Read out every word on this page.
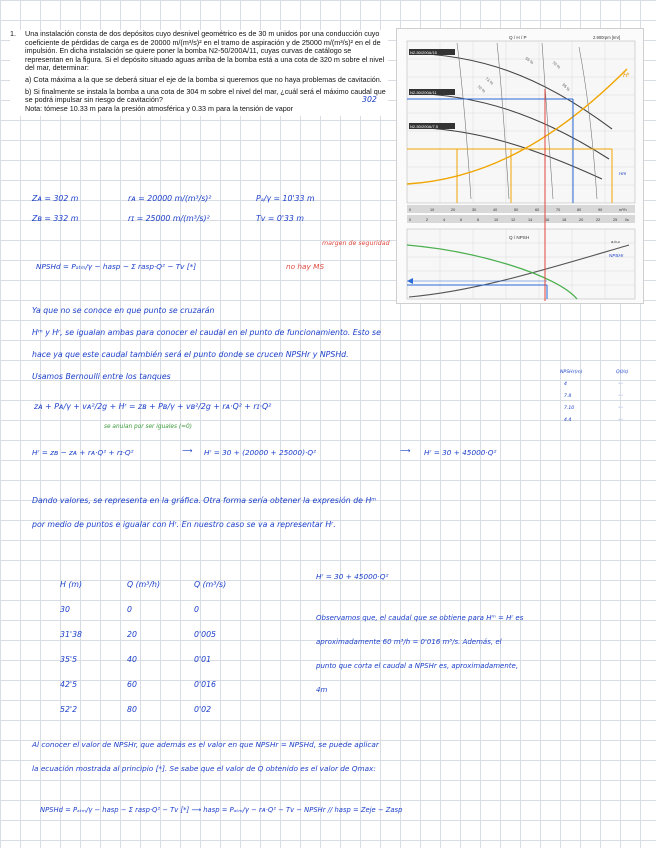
1.	Una instalación consta de dos depósitos cuyo desnivel geométrico es de 30 m unidos por una conducción cuyo coeficiente de pérdidas de carga es de 20000 m/(m³/s)² en el tramo de aspiración y de 25000 m/(m³/s)² en el de impulsión. En dicha instalación se quiere poner la bomba N2-50/200A/11, cuyas curvas de catálogo se representan en la figura. Si el depósito situado aguas arriba de la bomba está a una cota de 320 m sobre el nivel del mar, determinar:

a) Cota máxima a la que se deberá situar el eje de la bomba si queremos que no haya problemas de cavitación.

b) Si finalmente se instala la bomba a una cota de 304 m sobre el nivel del mar, ¿cuál será el máximo caudal que se podrá impulsar sin riesgo de cavitación?

Nota: tómese 10.33 m para la presión atmosférica y 0.33 m para la tensión de vapor

302
Q / H / P	2.900rpm [Imr]
55 %	70 %
73 %
70 %	55 %
Hʳ
Hm
N2-50/200A/15
N2-50/200A/11
N2-50/200A/7,5
0	10	20	30	40	50	60	70	80	90	m³/h
0	2	4	6	8	10	12	14	16	18	20	22	25 l/s
Q / NPSH
a-b-c
NPSHr
Zᴀ = 302 m
Zʙ = 332 m
rᴀ = 20000 m/(m³/s)²
rɪ = 25000 m/(m³/s)²
Pₐ/γ = 10'33 m
Tv = 0'33 m
NPSHd = Pₐₜₘ/γ − hasp − Σ rasp·Q² − Tv [*]
margen de seguridad
no hay MS
Ya que no se conoce en que punto se cruzarán
Hᵐ y Hʳ, se igualan ambas para conocer el caudal en el punto de funcionamiento. Esto se
hace ya que este caudal también será el punto donde se crucen NPSHr y NPSHd.
Usamos Bernoulli entre los tanques
zᴀ + Pᴀ/γ + vᴀ²/2g + Hʳ = zʙ + Pʙ/γ + vʙ²/2g + rᴀ·Q² + rɪ·Q²
se anulan por ser iguales (=0)
NPSHr(m)	Q(l/s)
4	◦◦
7.8	◦◦
7.10	◦◦
4.4	◦◦
Hʳ = zʙ − zᴀ + rᴀ·Q² + rɪ·Q²	⟶ Hʳ = 30 + (20000 + 25000)·Q²	⟶ Hʳ = 30 + 45000·Q²
Dando valores, se representa en la gráfica. Otra forma sería obtener la expresión de Hᵐ
por medio de puntos e igualar con Hʳ. En nuestro caso se va a representar Hʳ.
H (m)	Q (m³/h)	Q (m³/s)
30	0	0
31'38	20	0'005
35'5	40	0'01
42'5	60	0'016
52'2	80	0'02
Hʳ = 30 + 45000·Q²
Observamos que, el caudal que se obtiene para Hᵐ = Hʳ es
aproximadamente 60 m³/h = 0'016 m³/s. Además, el
punto que corta el caudal a NPSHr es, aproximadamente,
4m
Al conocer el valor de NPSHr, que además es el valor en que NPSHr = NPSHd, se puede aplicar
la ecuación mostrada al principio [*]. Se sabe que el valor de Q obtenido es el valor de Qmax:
NPSHd = Pₐₜₘ/γ − hasp − Σ rasp·Q² − Tv [*] ⟶ hasp = Pₐₜₘ/γ − rᴀ·Q² − Tv − NPSHr // hasp = Zeje − Zasp
